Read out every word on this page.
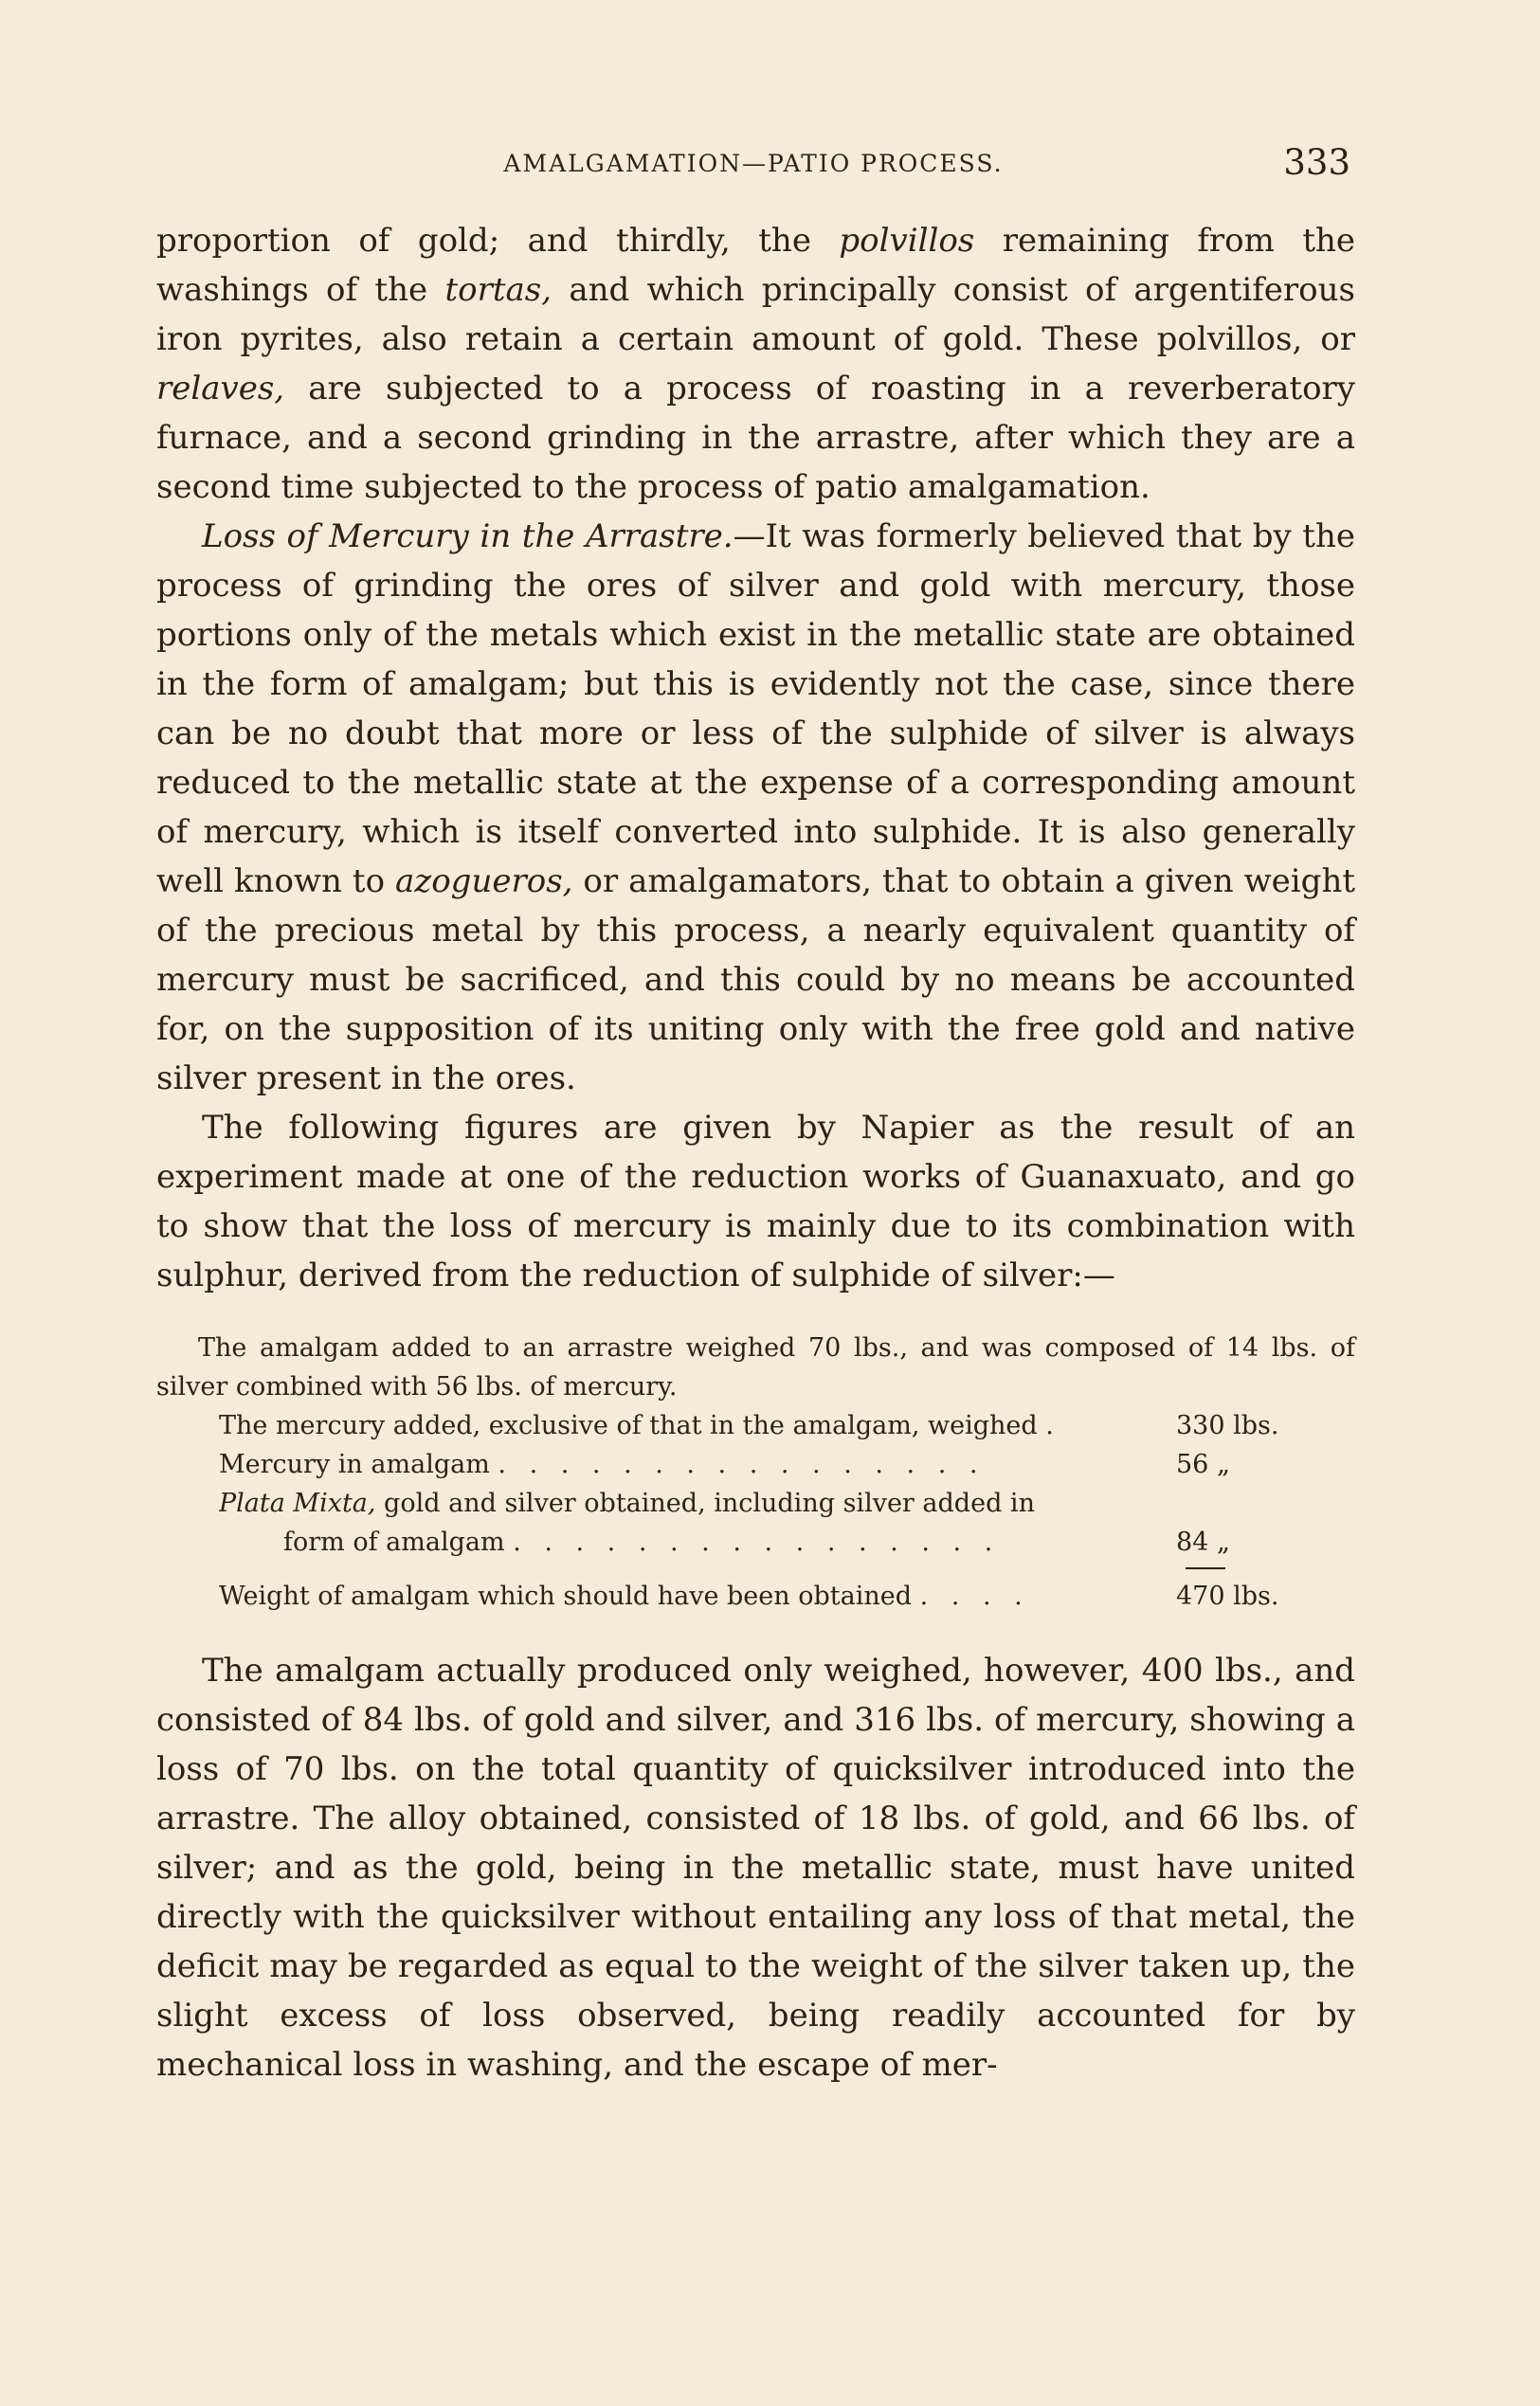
AMALGAMATION—PATIO PROCESS.	333

proportion of gold; and thirdly, the polvillos remaining from the washings of the tortas, and which principally consist of argentiferous iron pyrites, also retain a certain amount of gold. These polvillos, or relaves, are subjected to a process of roasting in a reverberatory furnace, and a second grinding in the arrastre, after which they are a second time subjected to the process of patio amalgamation.

Loss of Mercury in the Arrastre.—It was formerly believed that by the process of grinding the ores of silver and gold with mercury, those portions only of the metals which exist in the metallic state are obtained in the form of amalgam; but this is evidently not the case, since there can be no doubt that more or less of the sulphide of silver is always reduced to the metallic state at the expense of a corresponding amount of mercury, which is itself converted into sulphide. It is also generally well known to azogueros, or amalgamators, that to obtain a given weight of the precious metal by this process, a nearly equivalent quantity of mercury must be sacrificed, and this could by no means be accounted for, on the supposition of its uniting only with the free gold and native silver present in the ores.

The following figures are given by Napier as the result of an experiment made at one of the reduction works of Guanaxuato, and go to show that the loss of mercury is mainly due to its combination with sulphur, derived from the reduction of sulphide of silver:—

The amalgam added to an arrastre weighed 70 lbs., and was composed of 14 lbs. of silver combined with 56 lbs. of mercury.
The mercury added, exclusive of that in the amalgam, weighed .	330 lbs.
Mercury in amalgam . . . . . . . . . . . . . . . .	56 „
Plata Mixta, gold and silver obtained, including silver added in
form of amalgam . . . . . . . . . . . . . . . .	84 „
Weight of amalgam which should have been obtained . . . .	470 lbs.

The amalgam actually produced only weighed, however, 400 lbs., and consisted of 84 lbs. of gold and silver, and 316 lbs. of mercury, showing a loss of 70 lbs. on the total quantity of quicksilver introduced into the arrastre. The alloy obtained, consisted of 18 lbs. of gold, and 66 lbs. of silver; and as the gold, being in the metallic state, must have united directly with the quicksilver without entailing any loss of that metal, the deficit may be regarded as equal to the weight of the silver taken up, the slight excess of loss observed, being readily accounted for by mechanical loss in washing, and the escape of mer-
